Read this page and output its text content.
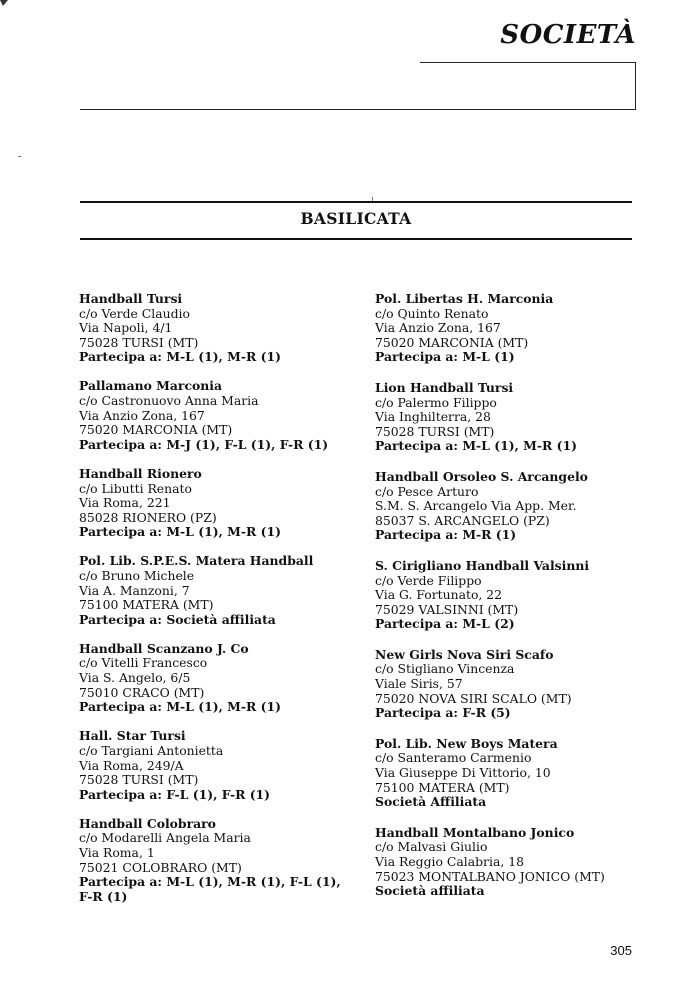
SOCIETÀ
BASILICATA
Handball Tursi
c/o Verde Claudio
Via Napoli, 4/1
75028 TURSI (MT)
Partecipa a: M-L (1), M-R (1)
Pallamano Marconia
c/o Castronuovo Anna Maria
Via Anzio Zona, 167
75020 MARCONIA (MT)
Partecipa a: M-J (1), F-L (1), F-R (1)
Handball Rionero
c/o Libutti Renato
Via Roma, 221
85028 RIONERO (PZ)
Partecipa a: M-L (1), M-R (1)
Pol. Lib. S.P.E.S. Matera Handball
c/o Bruno Michele
Via A. Manzoni, 7
75100 MATERA (MT)
Partecipa a: Società affiliata
Handball Scanzano J. Co
c/o Vitelli Francesco
Via S. Angelo, 6/5
75010 CRACO (MT)
Partecipa a: M-L (1), M-R (1)
Hall. Star Tursi
c/o Targiani Antonietta
Via Roma, 249/A
75028 TURSI (MT)
Partecipa a: F-L (1), F-R (1)
Handball Colobraro
c/o Modarelli Angela Maria
Via Roma, 1
75021 COLOBRARO (MT)
Partecipa a: M-L (1), M-R (1), F-L (1),
F-R (1)
Pol. Libertas H. Marconia
c/o Quinto Renato
Via Anzio Zona, 167
75020 MARCONIA (MT)
Partecipa a: M-L (1)
Lion Handball Tursi
c/o Palermo Filippo
Via Inghilterra, 28
75028 TURSI (MT)
Partecipa a: M-L (1), M-R (1)
Handball Orsoleo S. Arcangelo
c/o Pesce Arturo
S.M. S. Arcangelo Via App. Mer.
85037 S. ARCANGELO (PZ)
Partecipa a: M-R (1)
S. Cirigliano Handball Valsinni
c/o Verde Filippo
Via G. Fortunato, 22
75029 VALSINNI (MT)
Partecipa a: M-L (2)
New Girls Nova Siri Scafo
c/o Stigliano Vincenza
Viale Siris, 57
75020 NOVA SIRI SCALO (MT)
Partecipa a: F-R (5)
Pol. Lib. New Boys Matera
c/o Santeramo Carmenio
Via Giuseppe Di Vittorio, 10
75100 MATERA (MT)
Società Affiliata
Handball Montalbano Jonico
c/o Malvasi Giulio
Via Reggio Calabria, 18
75023 MONTALBANO JONICO (MT)
Società affiliata
305
